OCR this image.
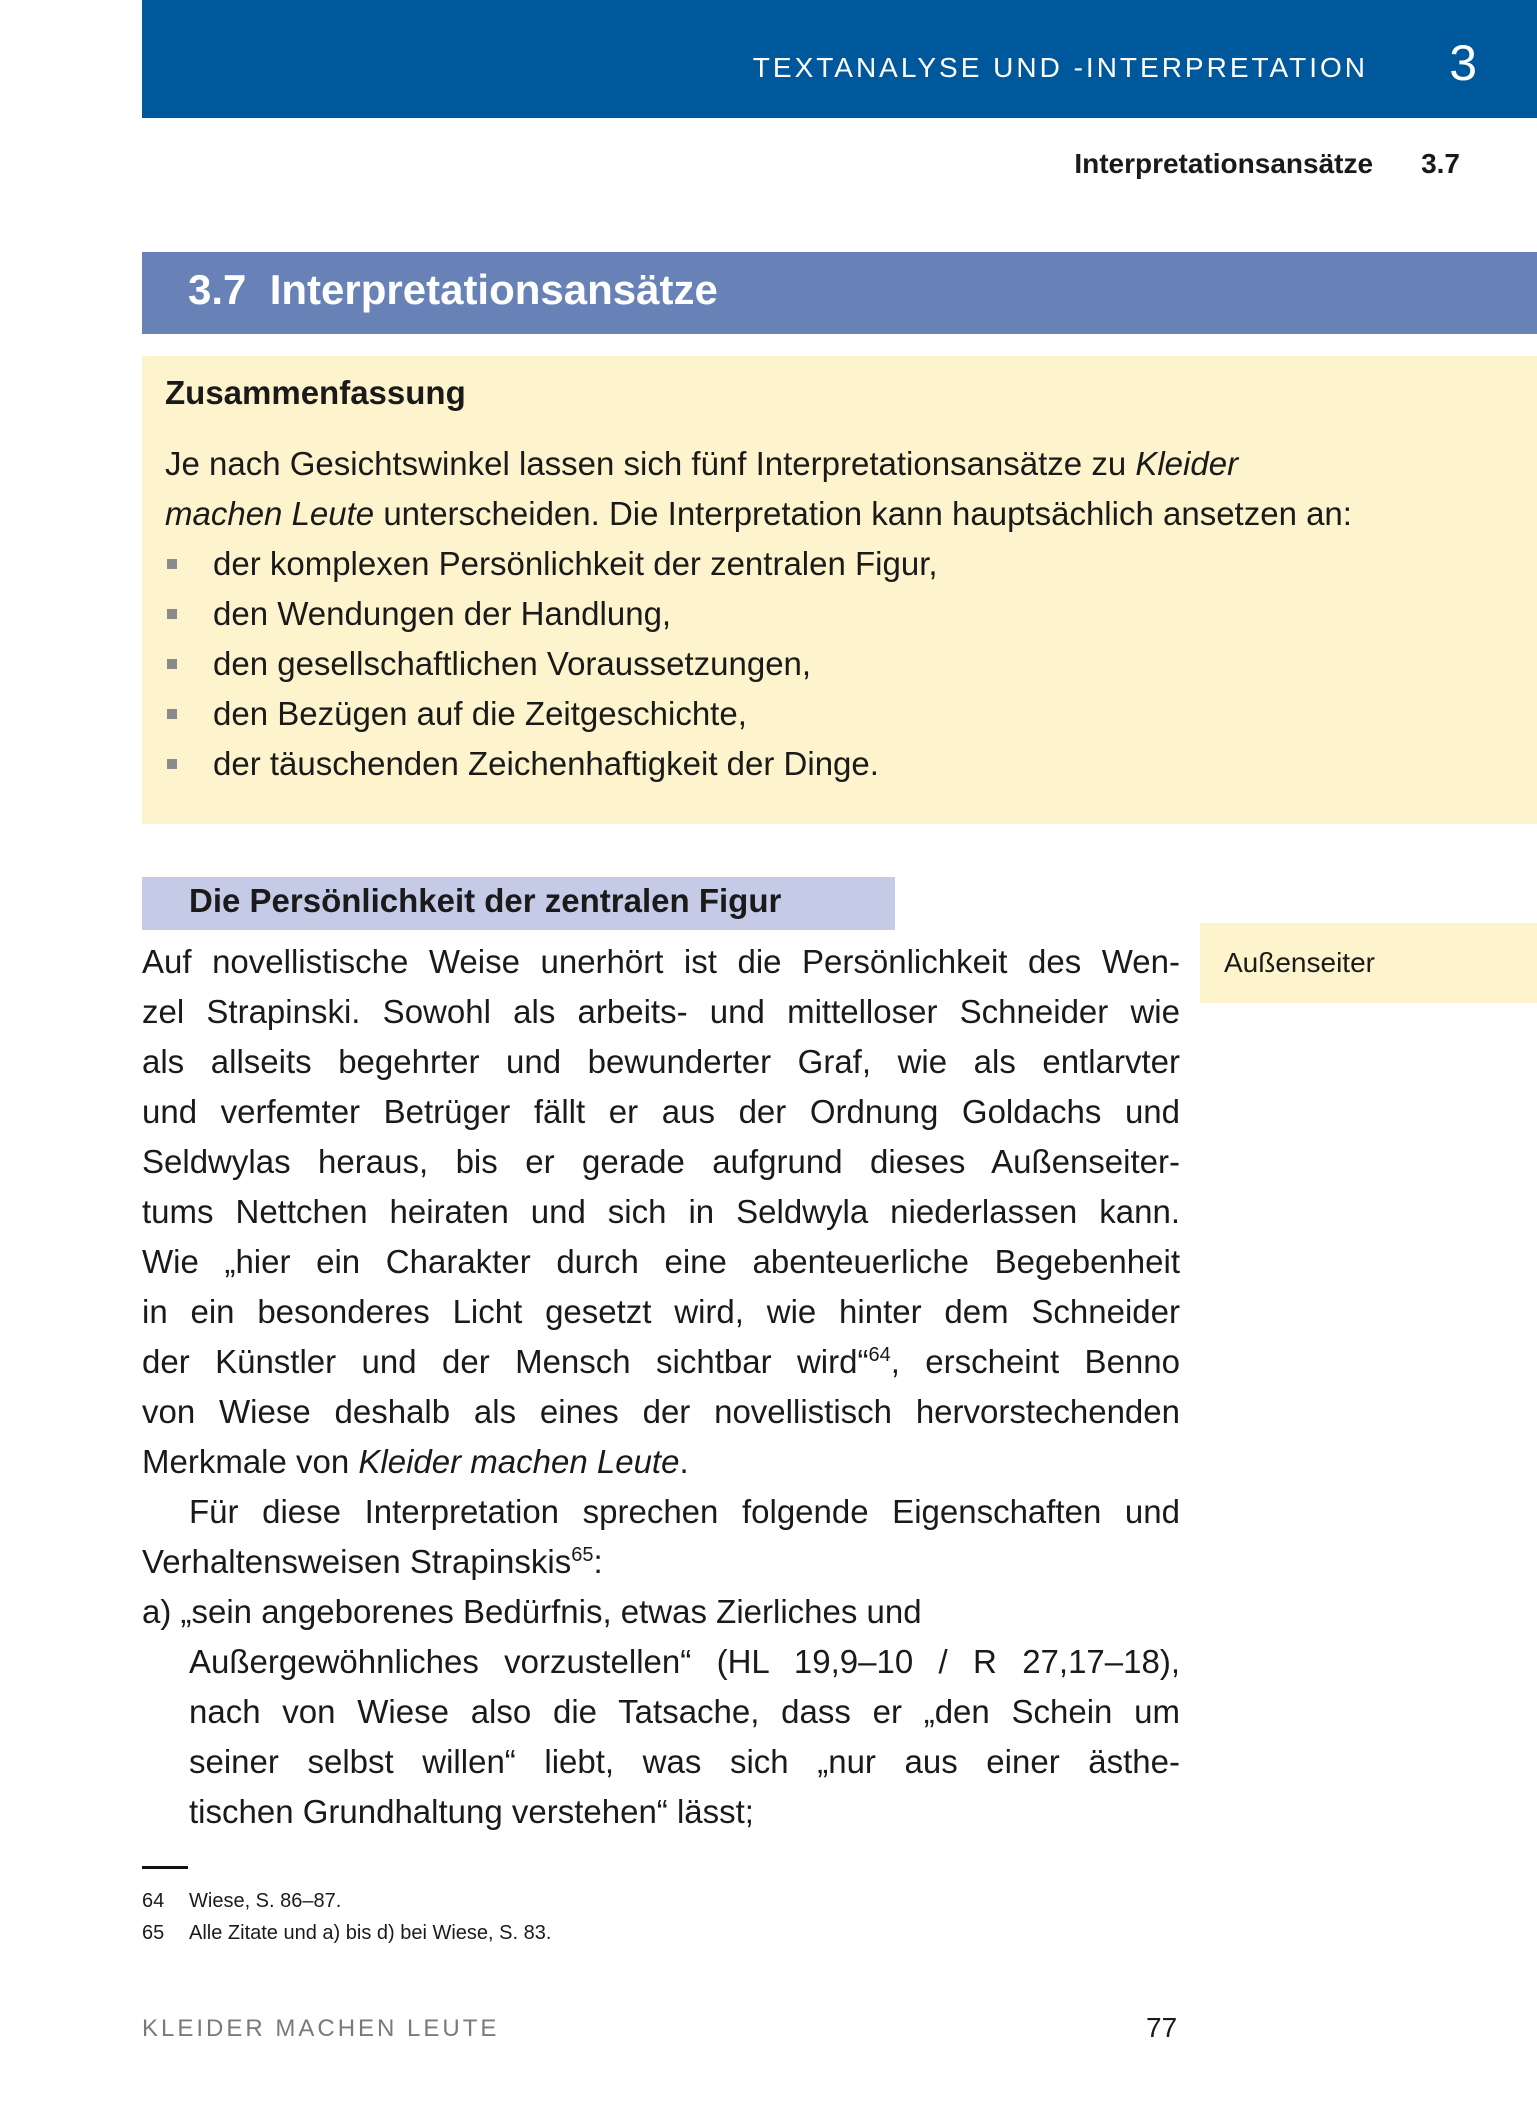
TEXTANALYSE UND -INTERPRETATION 3
Interpretationsansätze 3.7
3.7  Interpretationsansätze
Zusammenfassung
Je nach Gesichtswinkel lassen sich fünf Interpretationsansätze zu Kleider
machen Leute unterscheiden. Die Interpretation kann hauptsächlich ansetzen an:
der komplexen Persönlichkeit der zentralen Figur,
den Wendungen der Handlung,
den gesellschaftlichen Voraussetzungen,
den Bezügen auf die Zeitgeschichte,
der täuschenden Zeichenhaftigkeit der Dinge.
Die Persönlichkeit der zentralen Figur
Außenseiter
Auf novellistische Weise unerhört ist die Persönlichkeit des Wen-
zel Strapinski. Sowohl als arbeits- und mittelloser Schneider wie
als allseits begehrter und bewunderter Graf, wie als entlarvter
und verfemter Betrüger fällt er aus der Ordnung Goldachs und
Seldwylas heraus, bis er gerade aufgrund dieses Außenseiter-
tums Nettchen heiraten und sich in Seldwyla niederlassen kann.
Wie „hier ein Charakter durch eine abenteuerliche Begebenheit
in ein besonderes Licht gesetzt wird, wie hinter dem Schneider
der Künstler und der Mensch sichtbar wird“$^{64}$, erscheint Benno
von Wiese deshalb als eines der novellistisch hervorstechenden
Merkmale von Kleider machen Leute.
Für diese Interpretation sprechen folgende Eigenschaften und
Verhaltensweisen Strapinskis$^{65}$:
a) „sein angeborenes Bedürfnis, etwas Zierliches und
Außergewöhnliches vorzustellen“ (HL 19,9–10 / R 27,17–18),
nach von Wiese also die Tatsache, dass er „den Schein um
seiner selbst willen“ liebt, was sich „nur aus einer ästhe-
tischen Grundhaltung verstehen“ lässt;
64 Wiese, S. 86–87.
65 Alle Zitate und a) bis d) bei Wiese, S. 83.
KLEIDER MACHEN LEUTE	77
